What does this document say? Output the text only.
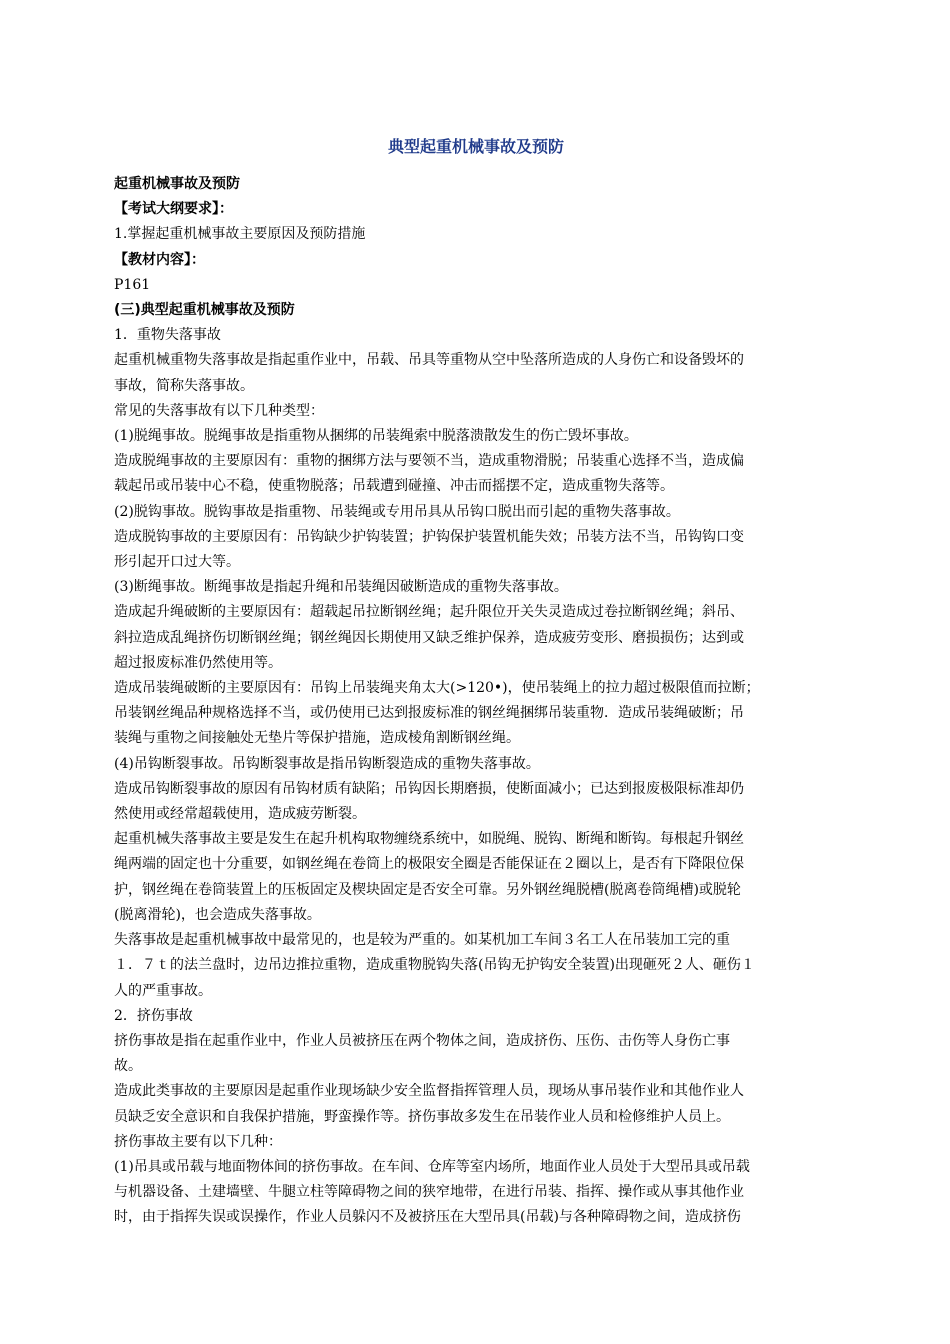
典型起重机械事故及预防
起重机械事故及预防
【考试大纲要求】：
1.掌握起重机械事故主要原因及预防措施
【教材内容】：
P161
(三)典型起重机械事故及预防
1．重物失落事故
起重机械重物失落事故是指起重作业中，吊载、吊具等重物从空中坠落所造成的人身伤亡和设备毁坏的
事故，简称失落事故。
常见的失落事故有以下几种类型：
(1)脱绳事故。脱绳事故是指重物从捆绑的吊装绳索中脱落溃散发生的伤亡毁坏事故。
造成脱绳事故的主要原因有：重物的捆绑方法与要领不当，造成重物滑脱；吊装重心选择不当，造成偏
载起吊或吊装中心不稳，使重物脱落；吊载遭到碰撞、冲击而摇摆不定，造成重物失落等。
(2)脱钩事故。脱钩事故是指重物、吊装绳或专用吊具从吊钩口脱出而引起的重物失落事故。
造成脱钩事故的主要原因有：吊钩缺少护钩装置；护钩保护装置机能失效；吊装方法不当，吊钩钩口变
形引起开口过大等。
(3)断绳事故。断绳事故是指起升绳和吊装绳因破断造成的重物失落事故。
造成起升绳破断的主要原因有：超载起吊拉断钢丝绳；起升限位开关失灵造成过卷拉断钢丝绳；斜吊、
斜拉造成乱绳挤伤切断钢丝绳；钢丝绳因长期使用又缺乏维护保养，造成疲劳变形、磨损损伤；达到或
超过报废标准仍然使用等。
造成吊装绳破断的主要原因有：吊钩上吊装绳夹角太大(>120•)，使吊装绳上的拉力超过极限值而拉断；
吊装钢丝绳品种规格选择不当，或仍使用已达到报废标准的钢丝绳捆绑吊装重物．造成吊装绳破断；吊
装绳与重物之间接触处无垫片等保护措施，造成棱角割断钢丝绳。
(4)吊钩断裂事故。吊钩断裂事故是指吊钩断裂造成的重物失落事故。
造成吊钩断裂事故的原因有吊钩材质有缺陷；吊钩因长期磨损，使断面减小；已达到报废极限标准却仍
然使用或经常超载使用，造成疲劳断裂。
起重机械失落事故主要是发生在起升机构取物缠绕系统中，如脱绳、脱钩、断绳和断钩。每根起升钢丝
绳两端的固定也十分重要，如钢丝绳在卷筒上的极限安全圈是否能保证在２圈以上，是否有下降限位保
护，钢丝绳在卷筒装置上的压板固定及楔块固定是否安全可靠。另外钢丝绳脱槽(脱离卷筒绳槽)或脱轮
(脱离滑轮)，也会造成失落事故。
失落事故是起重机械事故中最常见的，也是较为严重的。如某机加工车间３名工人在吊装加工完的重
１．７ｔ的法兰盘时，边吊边推拉重物，造成重物脱钩失落(吊钩无护钩安全装置)出现砸死２人、砸伤１
人的严重事故。
2．挤伤事故
挤伤事故是指在起重作业中，作业人员被挤压在两个物体之间，造成挤伤、压伤、击伤等人身伤亡事
故。
造成此类事故的主要原因是起重作业现场缺少安全监督指挥管理人员，现场从事吊装作业和其他作业人
员缺乏安全意识和自我保护措施，野蛮操作等。挤伤事故多发生在吊装作业人员和检修维护人员上。
挤伤事故主要有以下几种：
(1)吊具或吊载与地面物体间的挤伤事故。在车间、仓库等室内场所，地面作业人员处于大型吊具或吊载
与机器设备、土建墙壁、牛腿立柱等障碍物之间的狭窄地带，在进行吊装、指挥、操作或从事其他作业
时，由于指挥失误或误操作，作业人员躲闪不及被挤压在大型吊具(吊载)与各种障碍物之间，造成挤伤
